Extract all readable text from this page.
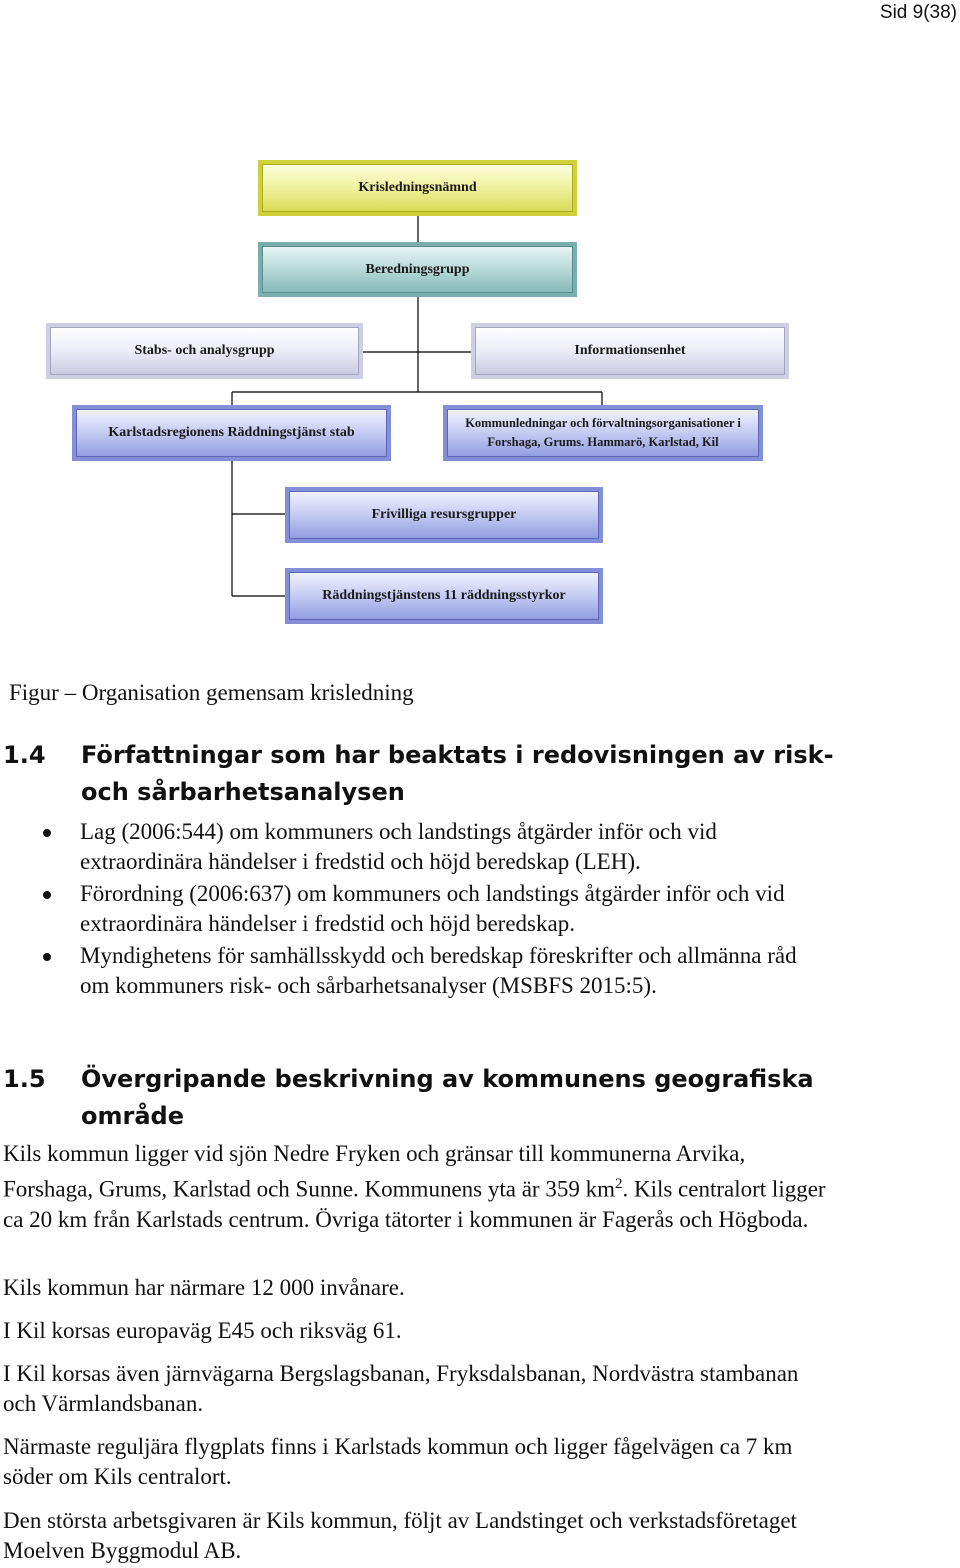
Sid 9(38)
Krisledningsnämnd
Beredningsgrupp
Stabs- och analysgrupp	Informationsenhet
Karlstadsregionens Räddningstjänst stab
Kommunledningar och förvaltningsorganisationer i
Forshaga, Grums. Hammarö, Karlstad, Kil
Frivilliga resursgrupper
Räddningstjänstens 11 räddningsstyrkor
Figur – Organisation gemensam krisledning
1.4 Författningar som har beaktats i redovisningen av risk- och sårbarhetsanalysen
Lag (2006:544) om kommuners och landstings åtgärder inför och vid extraordinära händelser i fredstid och höjd beredskap (LEH).
Förordning (2006:637) om kommuners och landstings åtgärder inför och vid extraordinära händelser i fredstid och höjd beredskap.
Myndighetens för samhällsskydd och beredskap föreskrifter och allmänna råd om kommuners risk- och sårbarhetsanalyser (MSBFS 2015:5).
1.5 Övergripande beskrivning av kommunens geografiska område

Kils kommun ligger vid sjön Nedre Fryken och gränsar till kommunerna Arvika, Forshaga, Grums, Karlstad och Sunne. Kommunens yta är 359 $km^2$. Kils centralort ligger ca 20 km från Karlstads centrum. Övriga tätorter i kommunen är Fagerås och Högboda.

Kils kommun har närmare 12 000 invånare.

I Kil korsas europaväg E45 och riksväg 61.

I Kil korsas även järnvägarna Bergslagsbanan, Fryksdalsbanan, Nordvästra stambanan och Värmlandsbanan.

Närmaste reguljära flygplats finns i Karlstads kommun och ligger fågelvägen ca 7 km söder om Kils centralort.

Den största arbetsgivaren är Kils kommun, följt av Landstinget och verkstadsföretaget Moelven Byggmodul AB.
